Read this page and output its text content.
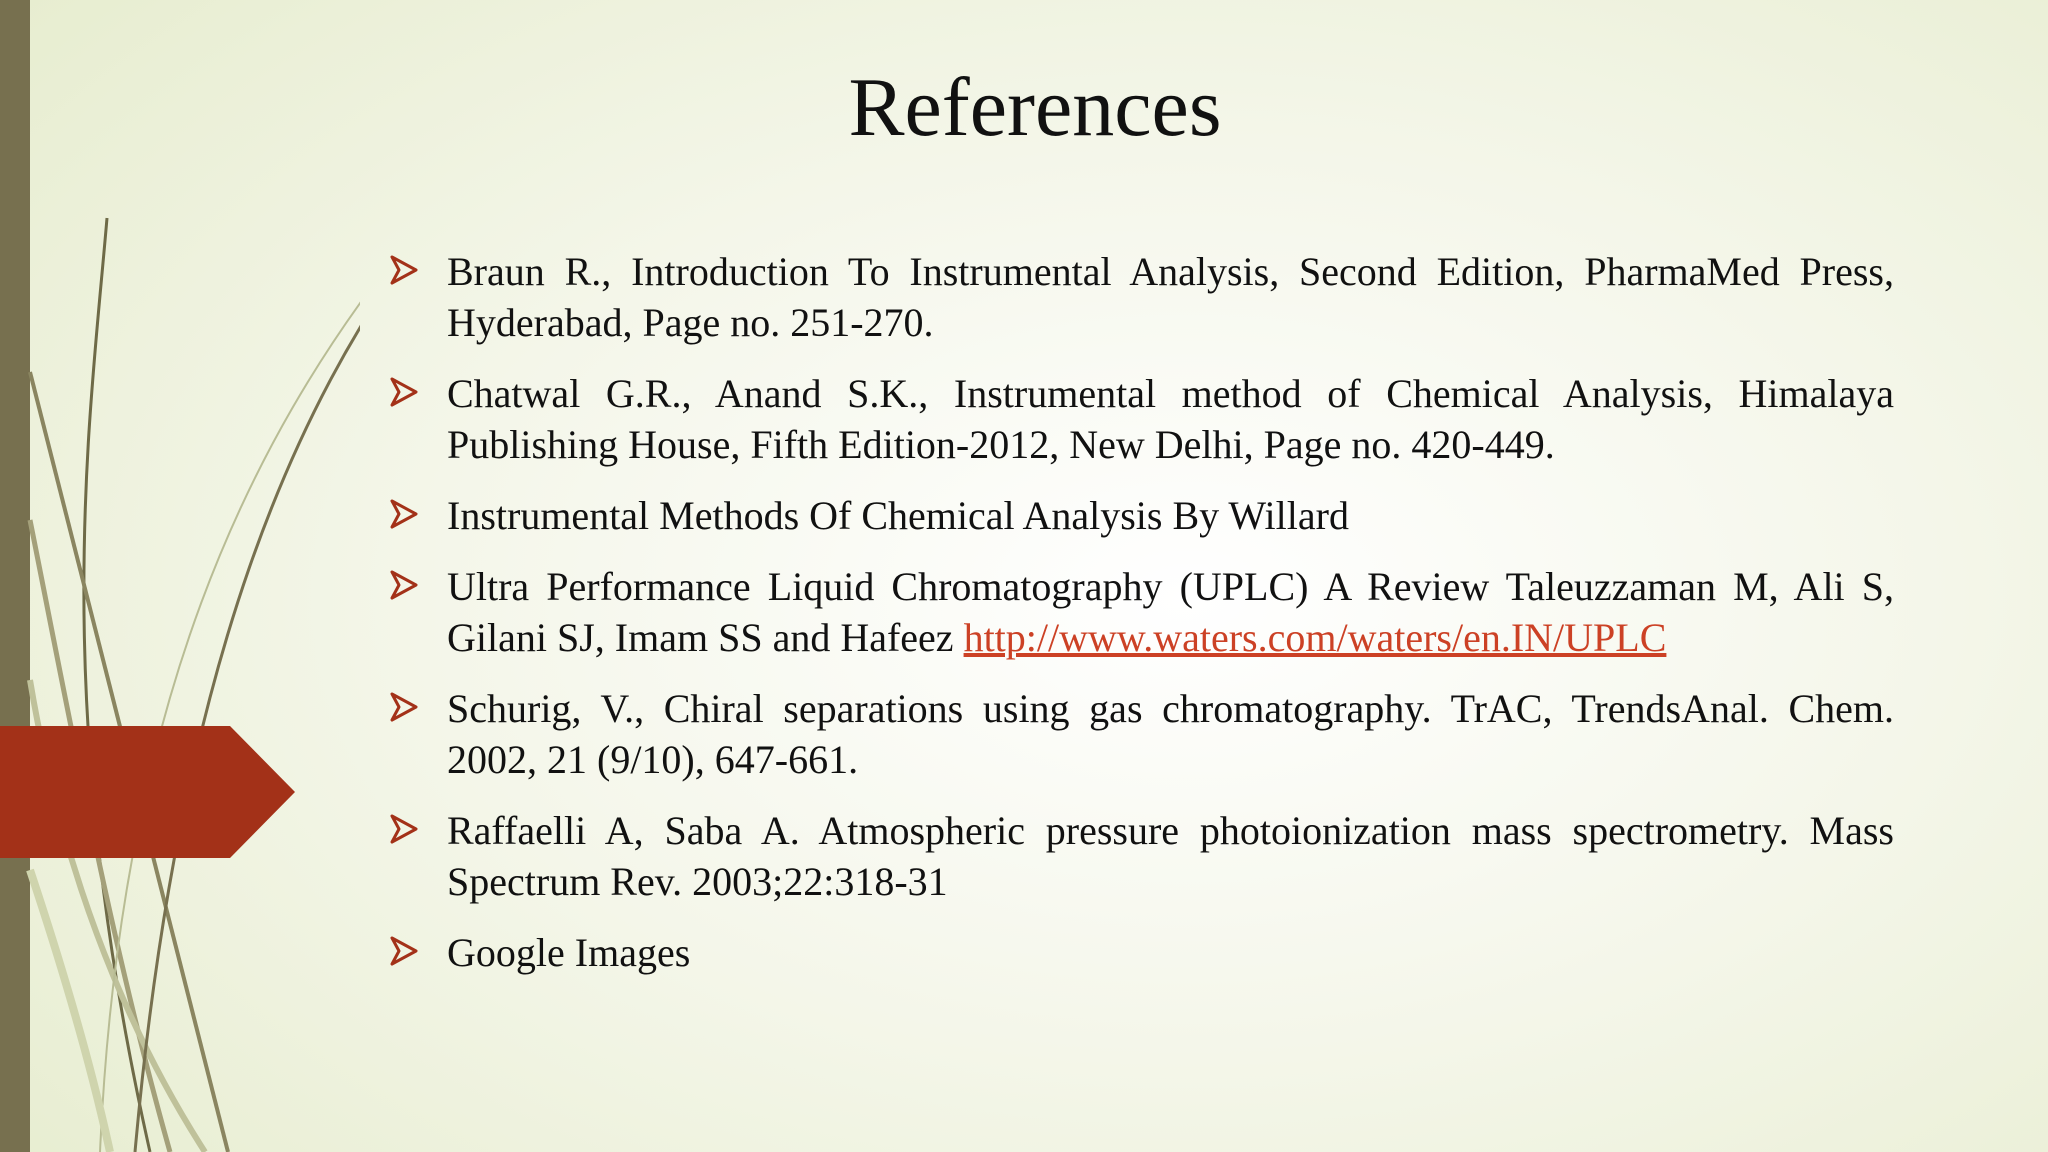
References
Braun R., Introduction To Instrumental Analysis, Second Edition, PharmaMed Press, Hyderabad, Page no. 251-270.
Chatwal G.R., Anand S.K., Instrumental method of Chemical Analysis, Himalaya Publishing House, Fifth Edition-2012, New Delhi, Page no. 420-449.
Instrumental Methods Of Chemical Analysis By Willard
Ultra Performance Liquid Chromatography (UPLC) A Review Taleuzzaman M, Ali S, Gilani SJ, Imam SS and Hafeez http://www.waters.com/waters/en.IN/UPLC
Schurig, V., Chiral separations using gas chromatography. TrAC, TrendsAnal. Chem. 2002, 21 (9/10), 647-661.
Raffaelli A, Saba A. Atmospheric pressure photoionization mass spectrometry. Mass Spectrum Rev. 2003;22:318-31
Google Images
